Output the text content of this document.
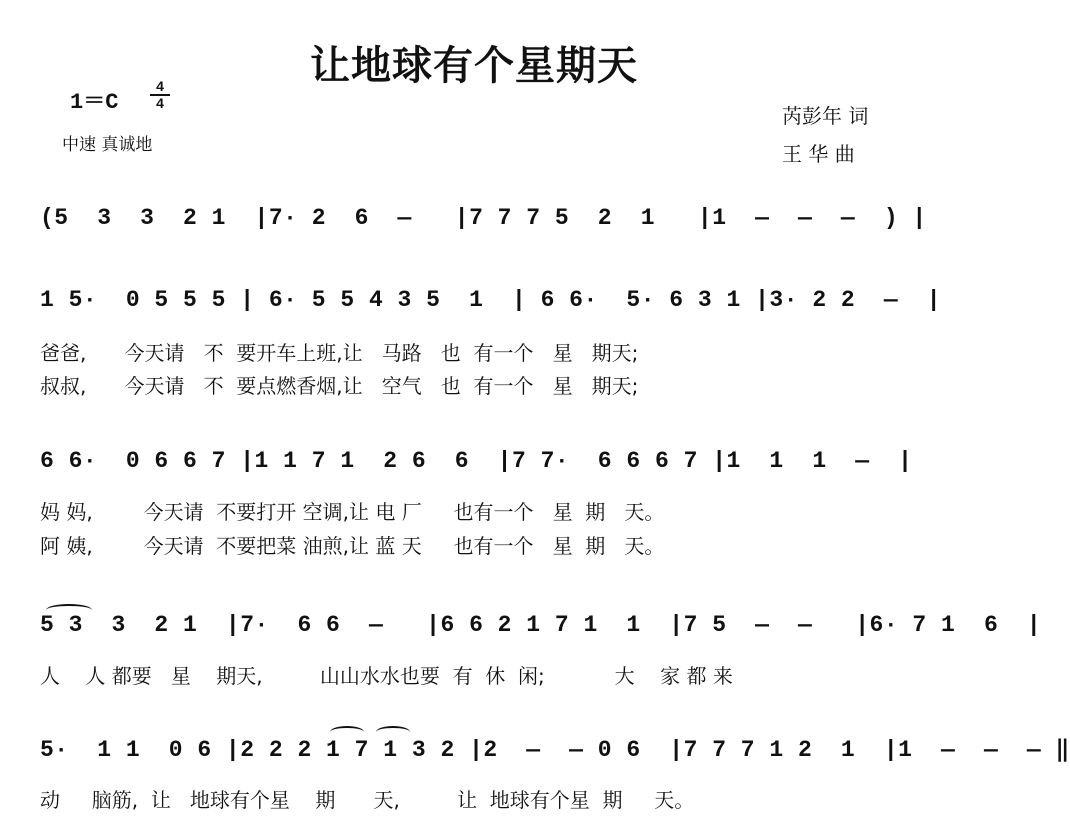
让地球有个星期天
1＝C
4
4
中速 真诚地
芮彭年 词
王 华 曲
(5  3  3  2 1  |7· 2  6  —   |7 7 7 5  2  1   |1  —  —  —  ) |
1 5·  0 5 5 5 | 6· 5 5 4 3 5  1  | 6 6·  5· 6 3 1 |3· 2 2  —  |
爸爸,      今天请   不  要开车上班,让   马路   也  有一个   星   期天;
叔叔,      今天请   不  要点燃香烟,让   空气   也  有一个   星   期天;
6 6·  0 6 6 7 |1 1 7 1  2 6  6  |7 7·  6 6 6 7 |1  1  1  —  |
妈 妈,        今天请  不要打开 空调,让 电 厂     也有一个   星  期   天。
阿 姨,        今天请  不要把菜 油煎,让 蓝 天     也有一个   星  期   天。
5 3  3  2 1  |7·  6 6  —   |6 6 2 1 7 1  1  |7 5  —  —   |6· 7 1  6  |
人    人 都要   星    期天,         山山水水也要  有  休  闲;           大    家 都 来
5·  1 1  0 6 |2 2 2 1 7 1 3 2 |2  —  — 0 6  |7 7 7 1 2  1  |1  —  —  — ‖
动     脑筋,  让   地球有个星    期      天,         让  地球有个星  期     天。
